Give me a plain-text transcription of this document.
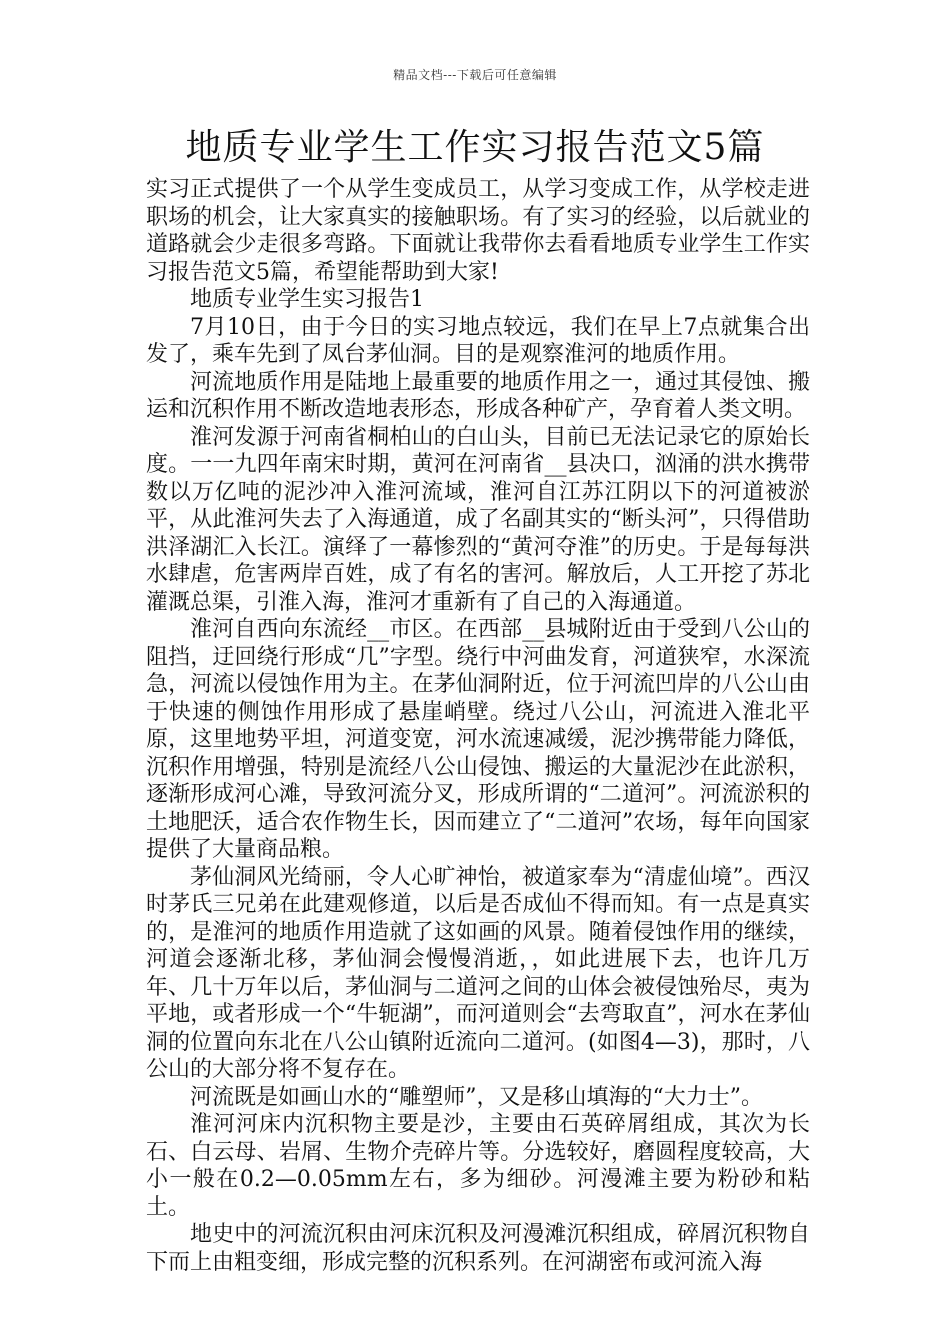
精品文档---下载后可任意编辑
地质专业学生工作实习报告范文5篇

实习正式提供了一个从学生变成员工，从学习变成工作，从学校走进职场的机会，让大家真实的接触职场。有了实习的经验，以后就业的道路就会少走很多弯路。下面就让我带你去看看地质专业学生工作实习报告范文5篇，希望能帮助到大家!

地质专业学生实习报告1

7月10日，由于今日的实习地点较远，我们在早上7点就集合出发了，乘车先到了凤台茅仙洞。目的是观察淮河的地质作用。

河流地质作用是陆地上最重要的地质作用之一，通过其侵蚀、搬运和沉积作用不断改造地表形态，形成各种矿产，孕育着人类文明。

淮河发源于河南省桐柏山的白山头，目前已无法记录它的原始长度。一一九四年南宋时期，黄河在河南省__县决口，汹涌的洪水携带数以万亿吨的泥沙冲入淮河流域，淮河自江苏江阴以下的河道被淤平，从此淮河失去了入海通道，成了名副其实的“断头河”，只得借助洪泽湖汇入长江。演绎了一幕惨烈的“黄河夺淮”的历史。于是每每洪水肆虐，危害两岸百姓，成了有名的害河。解放后，人工开挖了苏北灌溉总渠，引淮入海，淮河才重新有了自己的入海通道。

淮河自西向东流经__市区。在西部__县城附近由于受到八公山的阻挡，迂回绕行形成“几”字型。绕行中河曲发育，河道狭窄，水深流急，河流以侵蚀作用为主。在茅仙洞附近，位于河流凹岸的八公山由于快速的侧蚀作用形成了悬崖峭壁。绕过八公山，河流进入淮北平原，这里地势平坦，河道变宽，河水流速减缓，泥沙携带能力降低，沉积作用增强，特别是流经八公山侵蚀、搬运的大量泥沙在此淤积，逐渐形成河心滩，导致河流分叉，形成所谓的“二道河”。河流淤积的土地肥沃，适合农作物生长，因而建立了“二道河”农场，每年向国家提供了大量商品粮。

茅仙洞风光绮丽，令人心旷神怡，被道家奉为“清虚仙境”。西汉时茅氏三兄弟在此建观修道，以后是否成仙不得而知。有一点是真实的，是淮河的地质作用造就了这如画的风景。随着侵蚀作用的继续，河道会逐渐北移，茅仙洞会慢慢消逝，，如此进展下去，也许几万年、几十万年以后，茅仙洞与二道河之间的山体会被侵蚀殆尽，夷为平地，或者形成一个“牛轭湖”，而河道则会“去弯取直”，河水在茅仙洞的位置向东北在八公山镇附近流向二道河。(如图4—3)，那时，八公山的大部分将不复存在。

河流既是如画山水的“雕塑师”，又是移山填海的“大力士”。

淮河河床内沉积物主要是沙，主要由石英碎屑组成，其次为长石、白云母、岩屑、生物介壳碎片等。分选较好，磨圆程度较高，大小一般在0.2—0.05mm左右，多为细砂。河漫滩主要为粉砂和粘土。

地史中的河流沉积由河床沉积及河漫滩沉积组成，碎屑沉积物自下而上由粗变细，形成完整的沉积系列。在河湖密布或河流入海
